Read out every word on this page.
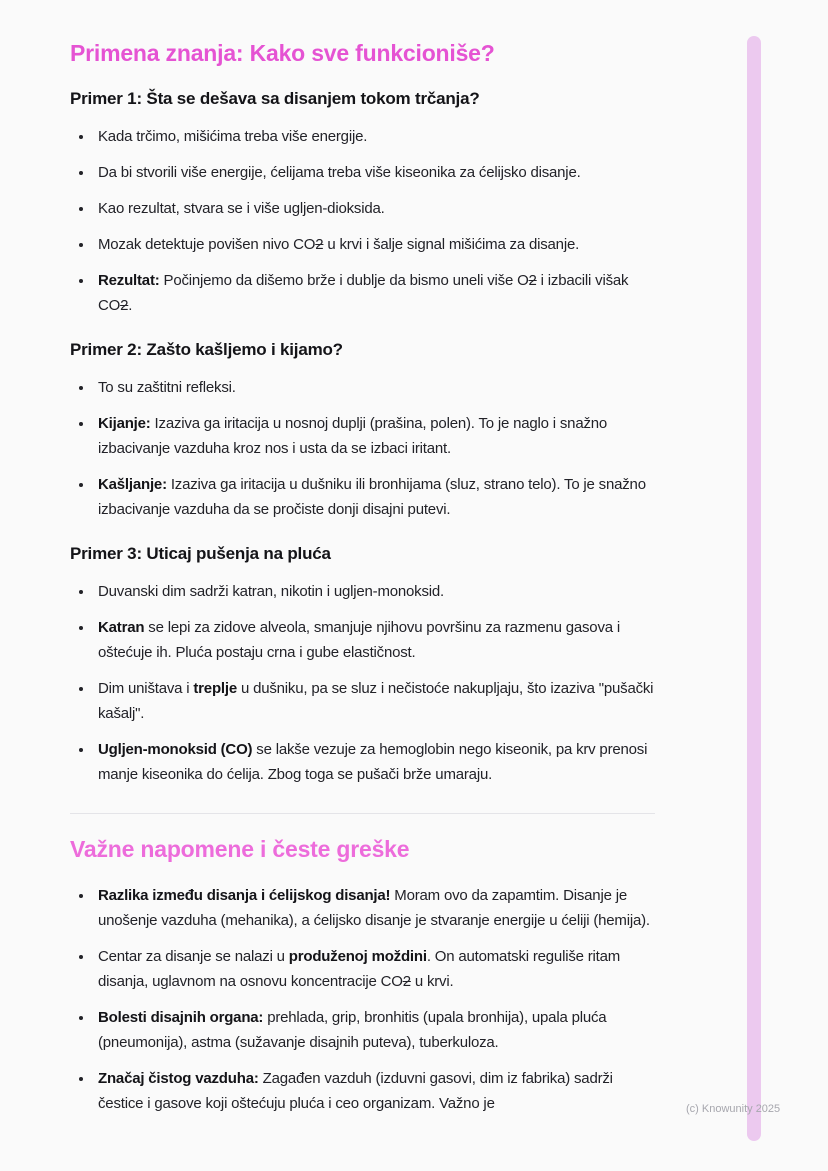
Primena znanja: Kako sve funkcioniše?
Primer 1: Šta se dešava sa disanjem tokom trčanja?
• Kada trčimo, mišićima treba više energije.
• Da bi stvorili više energije, ćelijama treba više kiseonika za ćelijsko disanje.
• Kao rezultat, stvara se i više ugljen-dioksida.
• Mozak detektuje povišen nivo CO2 u krvi i šalje signal mišićima za disanje.
• Rezultat: Počinjemo da dišemo brže i dublje da bismo uneli više O2 i izbacili višak CO2.
Primer 2: Zašto kašljemo i kijamo?
• To su zaštitni refleksi.
• Kijanje: Izaziva ga iritacija u nosnoj duplji (prašina, polen). To je naglo i snažno izbacivanje vazduha kroz nos i usta da se izbaci iritant.
• Kašljanje: Izaziva ga iritacija u dušniku ili bronhijama (sluz, strano telo). To je snažno izbacivanje vazduha da se pročiste donji disajni putevi.
Primer 3: Uticaj pušenja na pluća
• Duvanski dim sadrži katran, nikotin i ugljen-monoksid.
• Katran se lepi za zidove alveola, smanjuje njihovu površinu za razmenu gasova i oštećuje ih. Pluća postaju crna i gube elastičnost.
• Dim uništava i treplje u dušniku, pa se sluz i nečistoće nakupljaju, što izaziva "pušački kašalj".
• Ugljen-monoksid (CO) se lakše vezuje za hemoglobin nego kiseonik, pa krv prenosi manje kiseonika do ćelija. Zbog toga se pušači brže umaraju.
Važne napomene i česte greške
• Razlika između disanja i ćelijskog disanja! Moram ovo da zapamtim. Disanje je unošenje vazduha (mehanika), a ćelijsko disanje je stvaranje energije u ćeliji (hemija).
• Centar za disanje se nalazi u produženoj moždini. On automatski reguliše ritam disanja, uglavnom na osnovu koncentracije CO2 u krvi.
• Bolesti disajnih organa: prehlada, grip, bronhitis (upala bronhija), upala pluća (pneumonija), astma (sužavanje disajnih puteva), tuberkuloza.
• Značaj čistog vazduha: Zagađen vazduh (izduvni gasovi, dim iz fabrika) sadrži čestice i gasove koji oštećuju pluća i ceo organizam. Važno je	(c) Knowunity 2025
